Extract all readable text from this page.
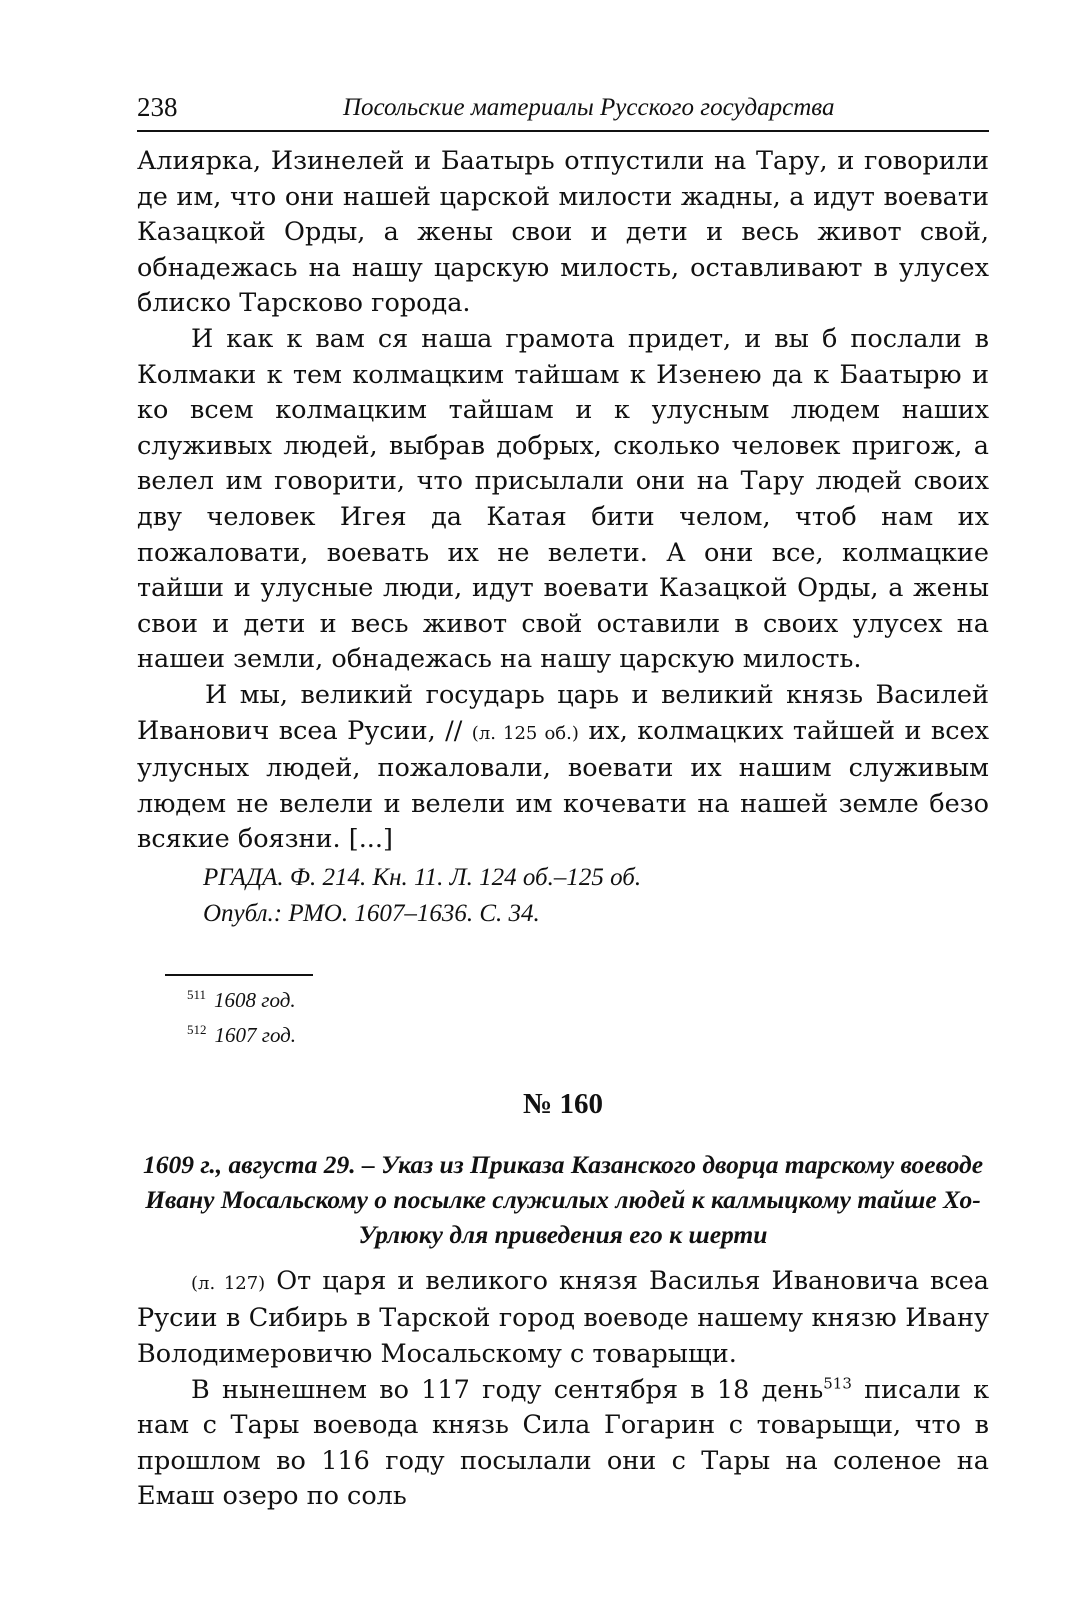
238	Посольские материалы Русского государства

Алиярка, Изинелей и Баатырь отпустили на Тару, и говорили де им, что они нашей царской милости жадны, а идут воевати Казацкой Орды, а жены свои и дети и весь живот свой, обнадежась на нашу царскую милость, оставливают в улусех блиско Тарсково города.

И как к вам ся наша грамота придет, и вы б послали в Колмаки к тем колмацким тайшам к Изенею да к Баатырю и ко всем колмацким тайшам и к улусным людем наших служивых людей, выбрав добрых, сколько человек пригож, а велел им говорити, что присылали они на Тару людей своих дву человек Игея да Катая бити челом, чтоб нам их пожаловати, воевать их не велети. А они все, колмацкие тайши и улусные люди, идут воевати Казацкой Орды, а жены свои и дети и весь живот свой оставили в своих улусех на нашеи земли, обнадежась на нашу царскую милость.

И мы, великий государь царь и великий князь Василей Иванович всеа Русии, // (л. 125 об.) их, колмацких тайшей и всех улусных людей, пожаловали, воевати их нашим служивым людем не велели и велели им кочевати на нашей земле безо всякие боязни. [...]

РГАДА. Ф. 214. Кн. 11. Л. 124 об.–125 об.
Опубл.: РМО. 1607–1636. С. 34.
$^{511}$ 1608 год.
$^{512}$ 1607 год.
№ 160
1609 г., августа 29. – Указ из Приказа Казанского дворца тарскому воеводе Ивану Мосальскому о посылке служилых людей к калмыцкому тайше Хо-Урлюку для приведения его к шерти

(л. 127) От царя и великого князя Василья Ивановича всеа Русии в Сибирь в Тарской город воеводе нашему князю Ивану Володимеровичю Мосальскому с товарыщи.

В нынешнем во 117 году сентября в 18 день$^{513}$ писали к нам с Тары воевода князь Сила Гогарин с товарыщи, что в прошлом во 116 году посылали они с Тары на соленое на Емаш озеро по соль
